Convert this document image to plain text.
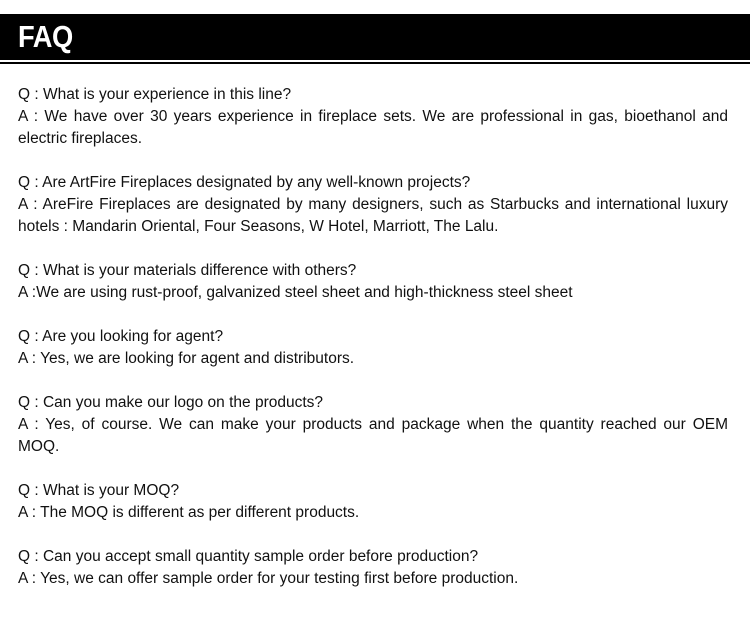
FAQ

Q : What is your experience in this line?

A : We have over 30 years experience in fireplace sets. We are professional in gas, bioethanol and electric fireplaces.

Q : Are ArtFire Fireplaces designated by any well-known projects?

A : AreFire Fireplaces are designated by many designers, such as Starbucks and international luxury hotels : Mandarin Oriental, Four Seasons, W Hotel, Marriott, The Lalu.

Q : What is your materials difference with others?

A :We are using rust-proof, galvanized steel sheet and high-thickness steel sheet

Q : Are you looking for agent?

A : Yes, we are looking for agent and distributors.

Q : Can you make our logo on the products?

A : Yes, of course. We can make your products and package when the quantity reached our OEM MOQ.

Q : What is your MOQ?

A : The MOQ is different as per different products.

Q : Can you accept small quantity sample order before production?

A : Yes, we can offer sample order for your testing first before production.
